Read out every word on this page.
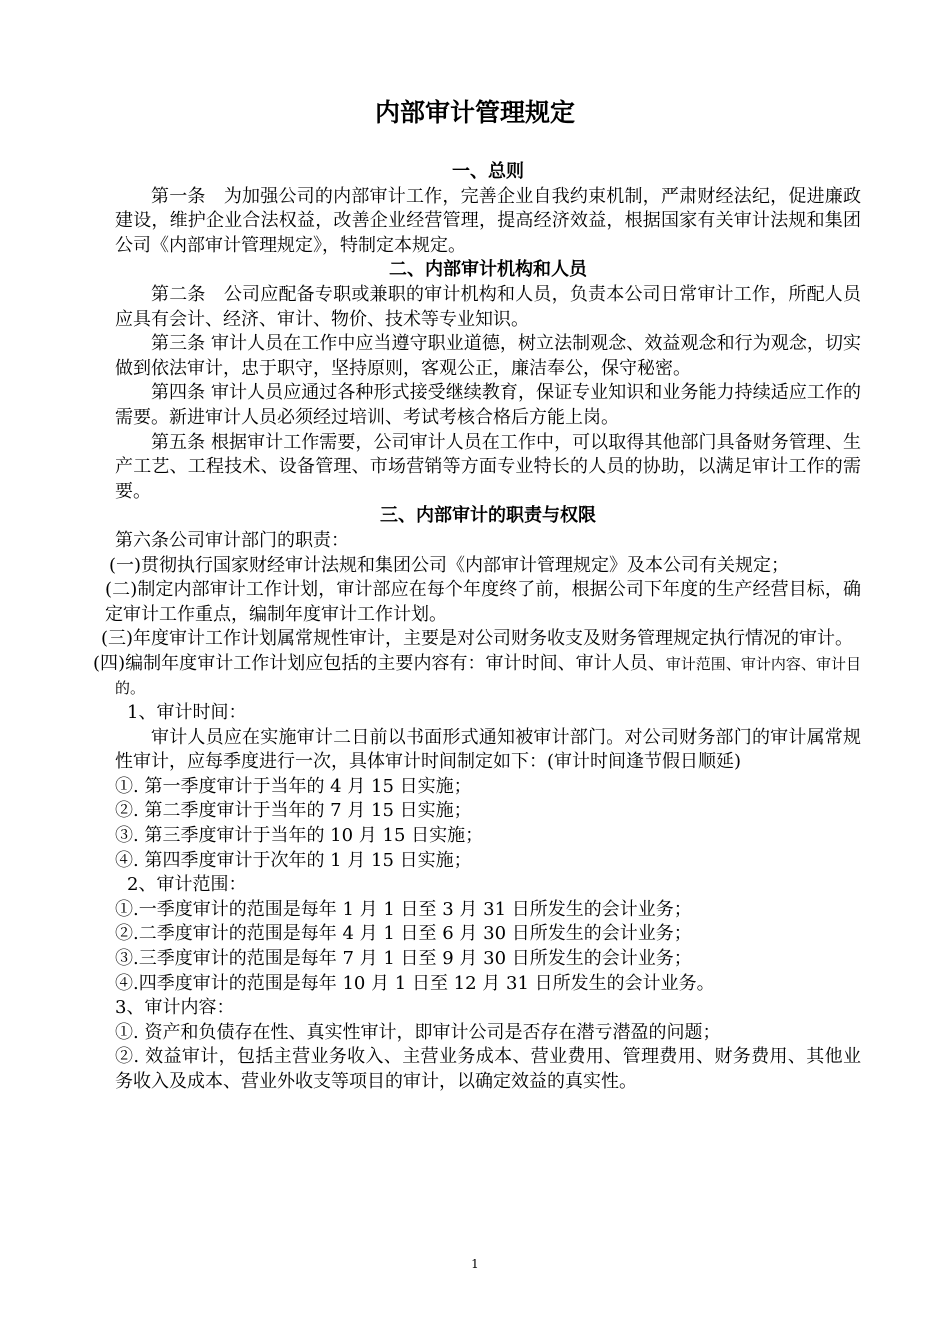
内部审计管理规定

一、总则

第一条　为加强公司的内部审计工作，完善企业自我约束机制，严肃财经法纪，促进廉政建设，维护企业合法权益，改善企业经营管理，提高经济效益，根据国家有关审计法规和集团公司《内部审计管理规定》，特制定本规定。

二、内部审计机构和人员

第二条　公司应配备专职或兼职的审计机构和人员，负责本公司日常审计工作，所配人员应具有会计、经济、审计、物价、技术等专业知识。

第三条 审计人员在工作中应当遵守职业道德，树立法制观念、效益观念和行为观念，切实做到依法审计，忠于职守，坚持原则，客观公正，廉洁奉公，保守秘密。

第四条 审计人员应通过各种形式接受继续教育，保证专业知识和业务能力持续适应工作的需要。新进审计人员必须经过培训、考试考核合格后方能上岗。

第五条 根据审计工作需要，公司审计人员在工作中，可以取得其他部门具备财务管理、生产工艺、工程技术、设备管理、市场营销等方面专业特长的人员的协助，以满足审计工作的需要。

三、内部审计的职责与权限

第六条公司审计部门的职责：

(一)贯彻执行国家财经审计法规和集团公司《内部审计管理规定》及本公司有关规定；

(二)制定内部审计工作计划，审计部应在每个年度终了前，根据公司下年度的生产经营目标，确定审计工作重点，编制年度审计工作计划。

(三)年度审计工作计划属常规性审计，主要是对公司财务收支及财务管理规定执行情况的审计。

(四)编制年度审计工作计划应包括的主要内容有：审计时间、审计人员、审计范围、审计内容、审计目的。

1、审计时间：

审计人员应在实施审计二日前以书面形式通知被审计部门。对公司财务部门的审计属常规性审计，应每季度进行一次，具体审计时间制定如下：(审计时间逢节假日顺延)

①. 第一季度审计于当年的 4 月 15 日实施；

②. 第二季度审计于当年的 7 月 15 日实施；

③. 第三季度审计于当年的 10 月 15 日实施；

④. 第四季度审计于次年的 1 月 15 日实施；

2、审计范围：

①.一季度审计的范围是每年 1 月 1 日至 3 月 31 日所发生的会计业务；

②.二季度审计的范围是每年 4 月 1 日至 6 月 30 日所发生的会计业务；

③.三季度审计的范围是每年 7 月 1 日至 9 月 30 日所发生的会计业务；

④.四季度审计的范围是每年 10 月 1 日至 12 月 31 日所发生的会计业务。

3、审计内容：

①. 资产和负债存在性、真实性审计，即审计公司是否存在潜亏潜盈的问题；

②. 效益审计，包括主营业务收入、主营业务成本、营业费用、管理费用、财务费用、其他业务收入及成本、营业外收支等项目的审计，以确定效益的真实性。

1
